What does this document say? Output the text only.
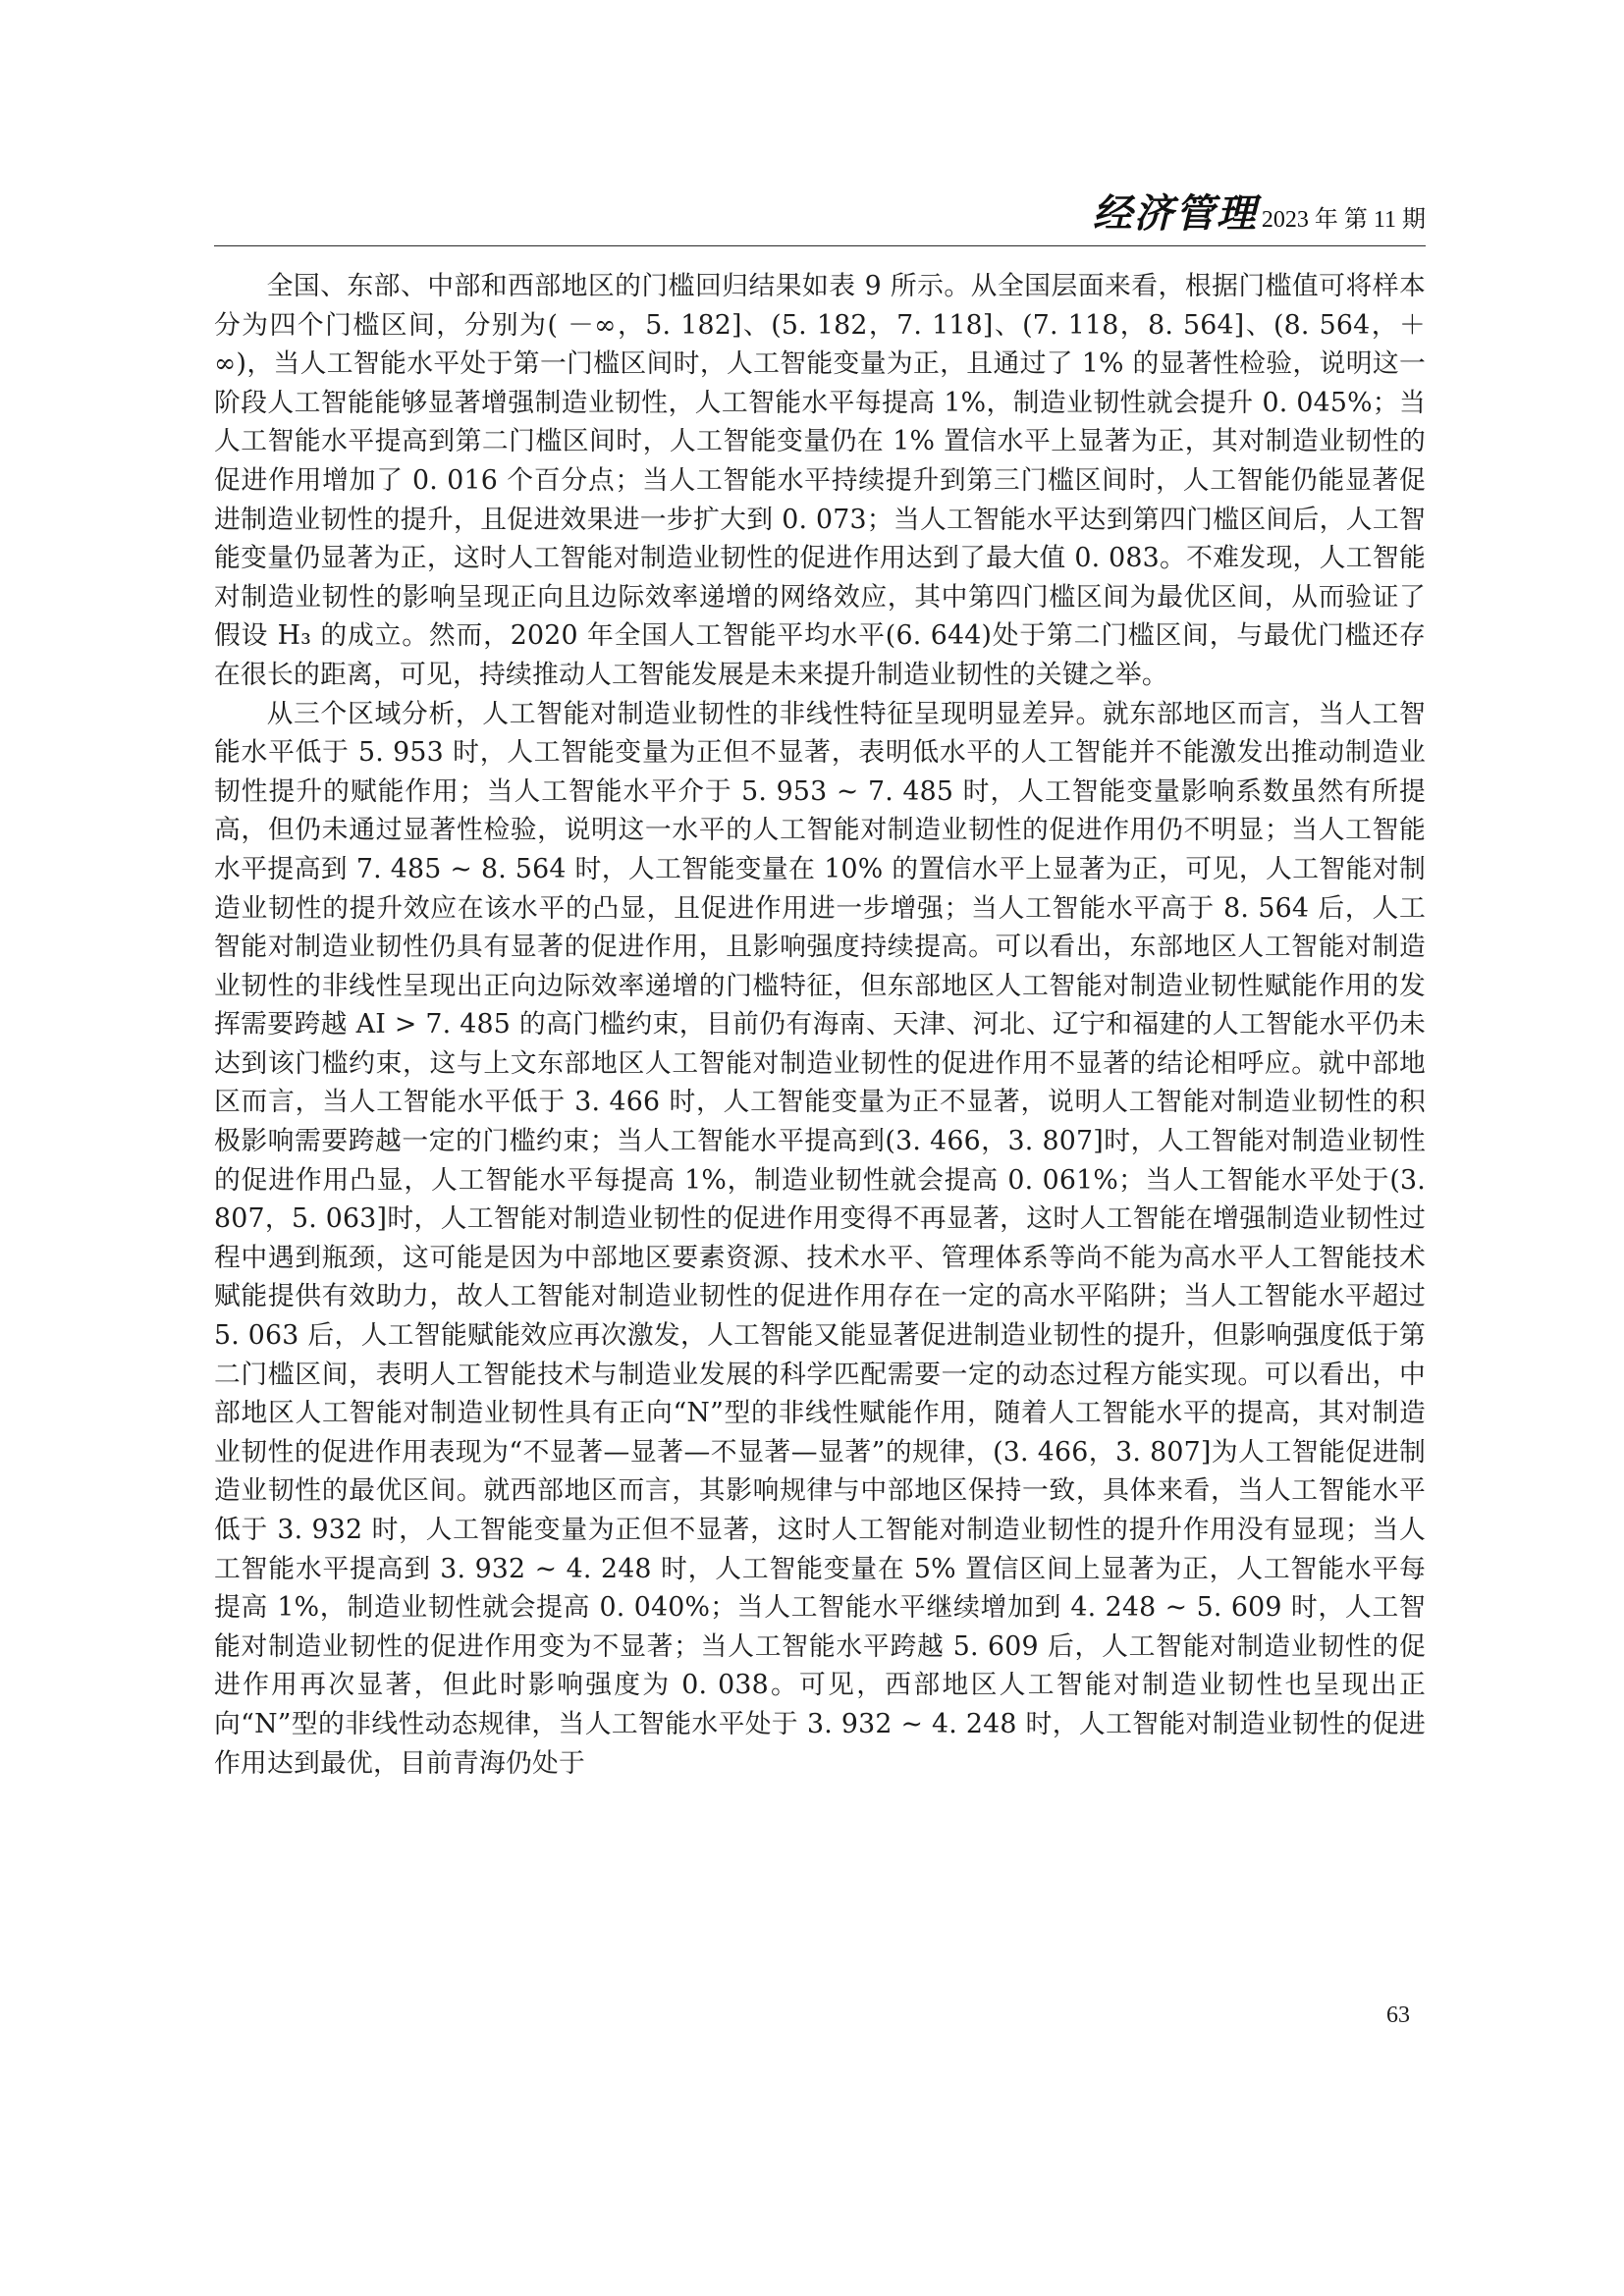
经济管理 2023 年 第 11 期

全国、东部、中部和西部地区的门槛回归结果如表 9 所示。从全国层面来看，根据门槛值可将样本分为四个门槛区间，分别为( －∞，5. 182]、(5. 182，7. 118]、(7. 118，8. 564]、(8. 564，＋∞)，当人工智能水平处于第一门槛区间时，人工智能变量为正，且通过了 1% 的显著性检验，说明这一阶段人工智能能够显著增强制造业韧性，人工智能水平每提高 1%，制造业韧性就会提升 0. 045%；当人工智能水平提高到第二门槛区间时，人工智能变量仍在 1% 置信水平上显著为正，其对制造业韧性的促进作用增加了 0. 016 个百分点；当人工智能水平持续提升到第三门槛区间时，人工智能仍能显著促进制造业韧性的提升，且促进效果进一步扩大到 0. 073；当人工智能水平达到第四门槛区间后，人工智能变量仍显著为正，这时人工智能对制造业韧性的促进作用达到了最大值 0. 083。不难发现，人工智能对制造业韧性的影响呈现正向且边际效率递增的网络效应，其中第四门槛区间为最优区间，从而验证了假设 H₃ 的成立。然而，2020 年全国人工智能平均水平(6. 644)处于第二门槛区间，与最优门槛还存在很长的距离，可见，持续推动人工智能发展是未来提升制造业韧性的关键之举。

从三个区域分析，人工智能对制造业韧性的非线性特征呈现明显差异。就东部地区而言，当人工智能水平低于 5. 953 时，人工智能变量为正但不显著，表明低水平的人工智能并不能激发出推动制造业韧性提升的赋能作用；当人工智能水平介于 5. 953 ~ 7. 485 时，人工智能变量影响系数虽然有所提高，但仍未通过显著性检验，说明这一水平的人工智能对制造业韧性的促进作用仍不明显；当人工智能水平提高到 7. 485 ~ 8. 564 时，人工智能变量在 10% 的置信水平上显著为正，可见，人工智能对制造业韧性的提升效应在该水平的凸显，且促进作用进一步增强；当人工智能水平高于 8. 564 后，人工智能对制造业韧性仍具有显著的促进作用，且影响强度持续提高。可以看出，东部地区人工智能对制造业韧性的非线性呈现出正向边际效率递增的门槛特征，但东部地区人工智能对制造业韧性赋能作用的发挥需要跨越 AI > 7. 485 的高门槛约束，目前仍有海南、天津、河北、辽宁和福建的人工智能水平仍未达到该门槛约束，这与上文东部地区人工智能对制造业韧性的促进作用不显著的结论相呼应。就中部地区而言，当人工智能水平低于 3. 466 时，人工智能变量为正不显著，说明人工智能对制造业韧性的积极影响需要跨越一定的门槛约束；当人工智能水平提高到(3. 466，3. 807]时，人工智能对制造业韧性的促进作用凸显，人工智能水平每提高 1%，制造业韧性就会提高 0. 061%；当人工智能水平处于(3. 807，5. 063]时，人工智能对制造业韧性的促进作用变得不再显著，这时人工智能在增强制造业韧性过程中遇到瓶颈，这可能是因为中部地区要素资源、技术水平、管理体系等尚不能为高水平人工智能技术赋能提供有效助力，故人工智能对制造业韧性的促进作用存在一定的高水平陷阱；当人工智能水平超过 5. 063 后，人工智能赋能效应再次激发，人工智能又能显著促进制造业韧性的提升，但影响强度低于第二门槛区间，表明人工智能技术与制造业发展的科学匹配需要一定的动态过程方能实现。可以看出，中部地区人工智能对制造业韧性具有正向“N”型的非线性赋能作用，随着人工智能水平的提高，其对制造业韧性的促进作用表现为“不显著—显著—不显著—显著”的规律，(3. 466，3. 807]为人工智能促进制造业韧性的最优区间。就西部地区而言，其影响规律与中部地区保持一致，具体来看，当人工智能水平低于 3. 932 时，人工智能变量为正但不显著，这时人工智能对制造业韧性的提升作用没有显现；当人工智能水平提高到 3. 932 ~ 4. 248 时，人工智能变量在 5% 置信区间上显著为正，人工智能水平每提高 1%，制造业韧性就会提高 0. 040%；当人工智能水平继续增加到 4. 248 ~ 5. 609 时，人工智能对制造业韧性的促进作用变为不显著；当人工智能水平跨越 5. 609 后，人工智能对制造业韧性的促进作用再次显著，但此时影响强度为 0. 038。可见，西部地区人工智能对制造业韧性也呈现出正向“N”型的非线性动态规律，当人工智能水平处于 3. 932 ~ 4. 248 时，人工智能对制造业韧性的促进作用达到最优，目前青海仍处于

63
